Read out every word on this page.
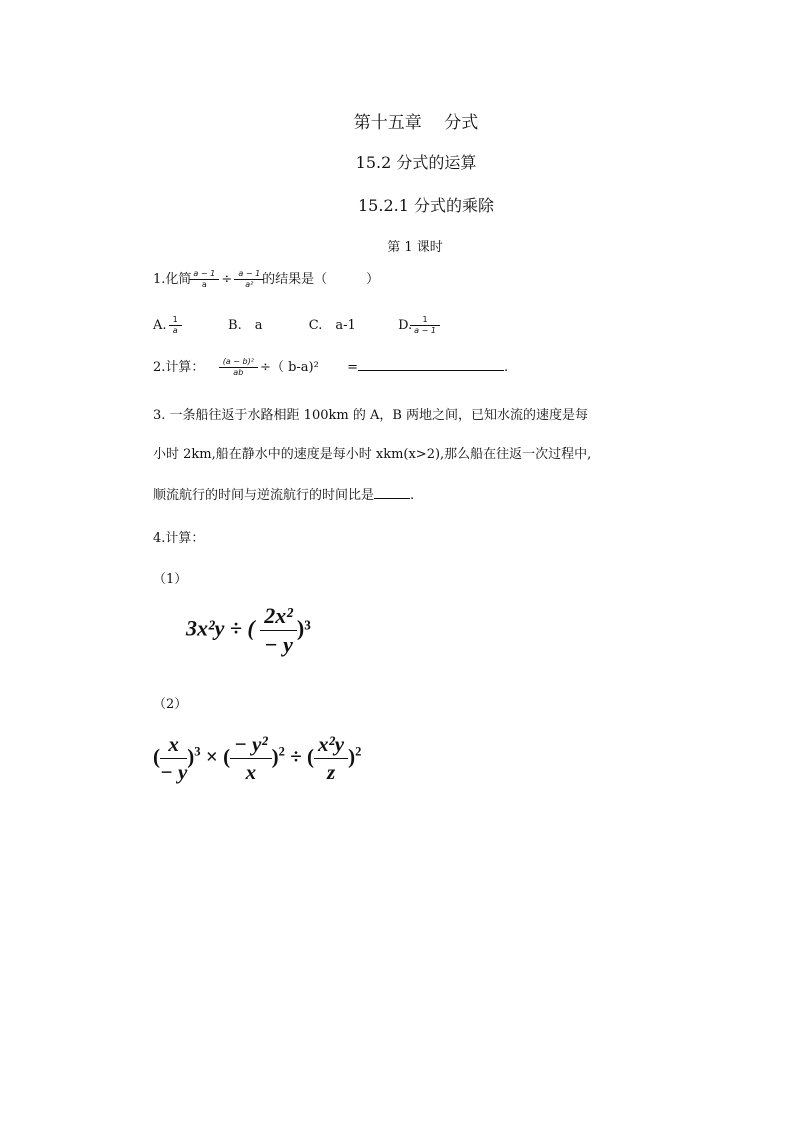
第十五章　 分式
15.2 分式的运算
15.2.1 分式的乘除
第 1 课时
1.化简 $\frac{a - 1}{a} \div \frac{a - 1}{\text{a²}}$ 的结果是（　　　）
A. $\frac{1}{a}$	B.　a	C.　a-1	D. $\frac{1}{a - 1}$
2.计算： $\frac{\text{(a − b)²}}{ab}$ ÷（ b-a)² =	.
3. 一条船往返于水路相距 100km 的 A，B 两地之间，已知水流的速度是每
小时 2km,船在静水中的速度是每小时 xkm(x>2),那么船在往返一次过程中,
顺流航行的时间与逆流航行的时间比是	.
4.计算：
（1）
3x²y ÷ ( $\frac{\text{2x²}}{- y} )^3$
（2）
( $\frac{x}{- y} )^3$ × ( $\frac{\text{− y²}}{x} )^2$ ÷ ( $\frac{\text{x²y}}{z} )^2$
